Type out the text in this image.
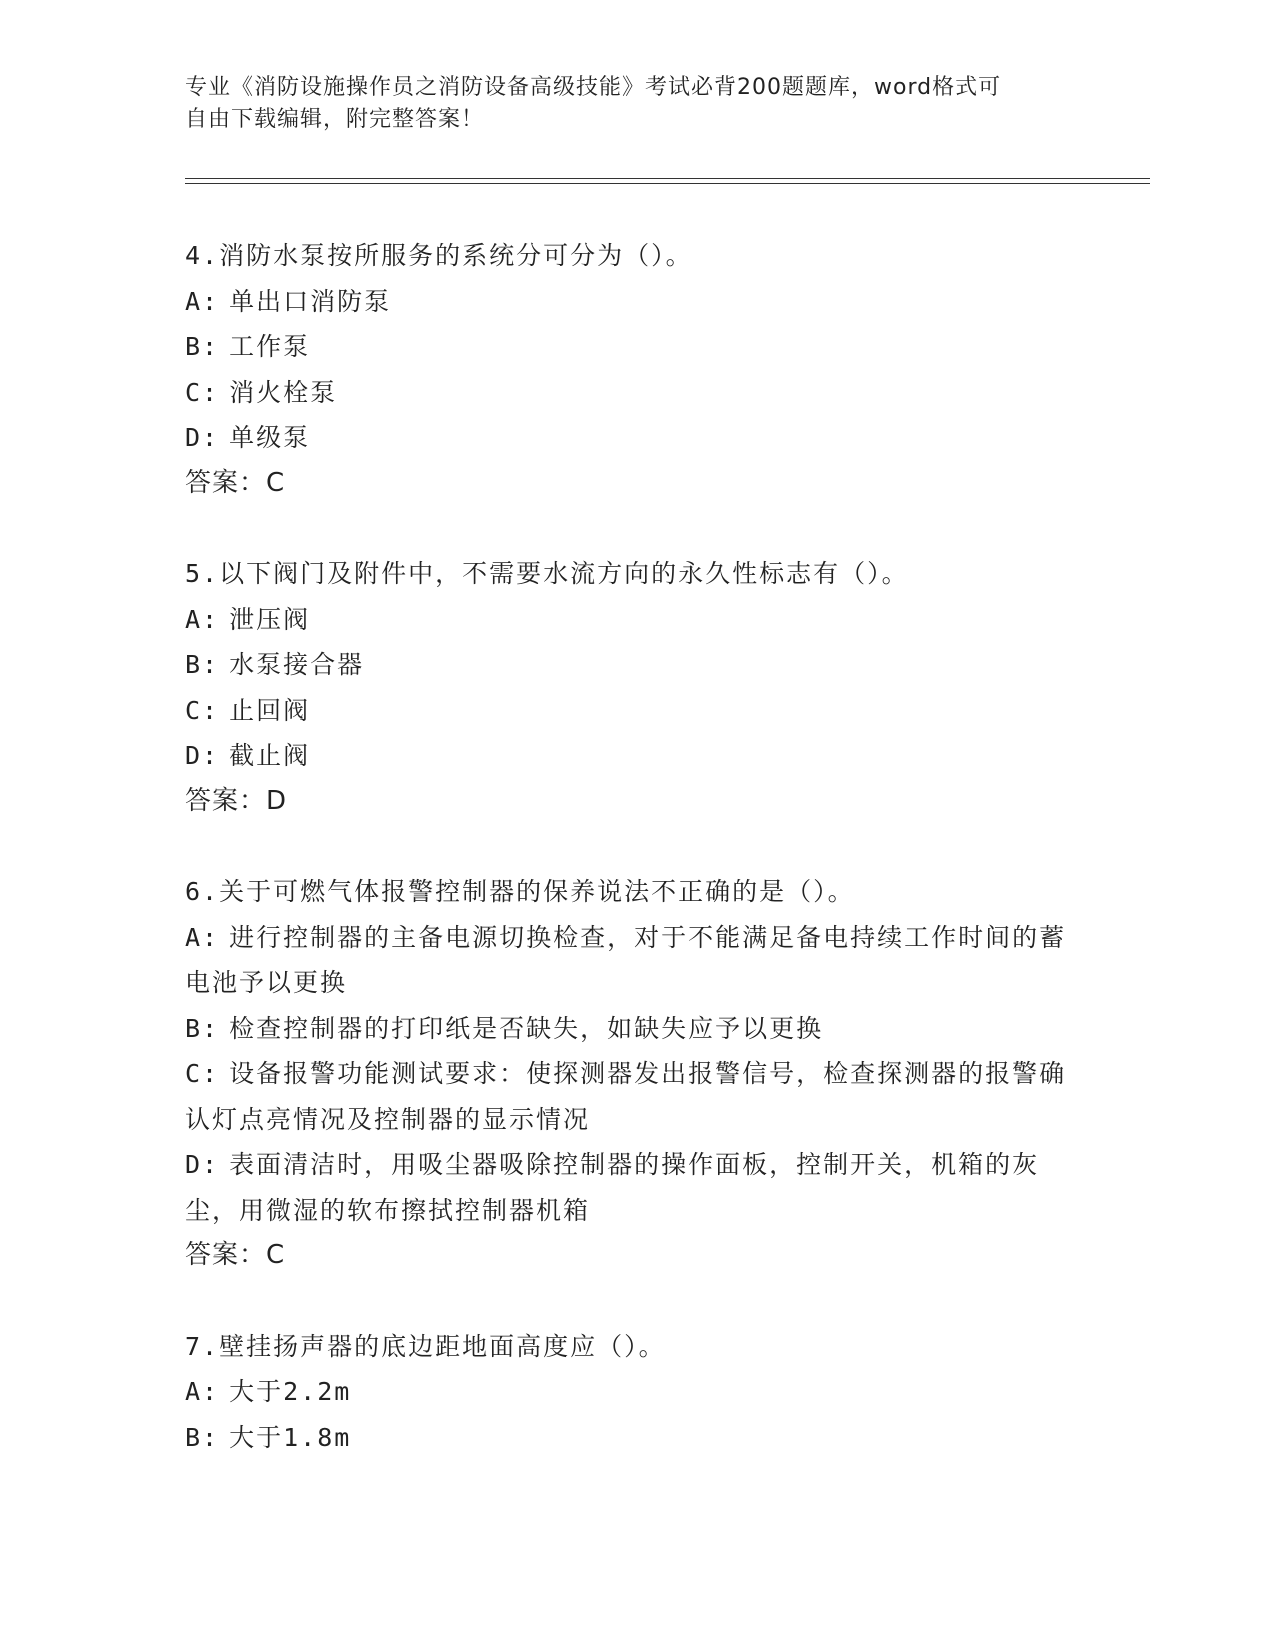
专业《消防设施操作员之消防设备高级技能》考试必背200题题库，word格式可
自由下载编辑，附完整答案！

4.消防水泵按所服务的系统分可分为（）。

A: 单出口消防泵

B: 工作泵

C: 消火栓泵

D: 单级泵

答案：C

5.以下阀门及附件中，不需要水流方向的永久性标志有（）。

A: 泄压阀

B: 水泵接合器

C: 止回阀

D: 截止阀

答案：D

6.关于可燃气体报警控制器的保养说法不正确的是（）。

A: 进行控制器的主备电源切换检查，对于不能满足备电持续工作时间的蓄电池予以更换

B: 检查控制器的打印纸是否缺失，如缺失应予以更换

C: 设备报警功能测试要求：使探测器发出报警信号，检查探测器的报警确认灯点亮情况及控制器的显示情况

D: 表面清洁时，用吸尘器吸除控制器的操作面板，控制开关，机箱的灰尘，用微湿的软布擦拭控制器机箱

答案：C

7.壁挂扬声器的底边距地面高度应（）。

A: 大于2.2m

B: 大于1.8m
